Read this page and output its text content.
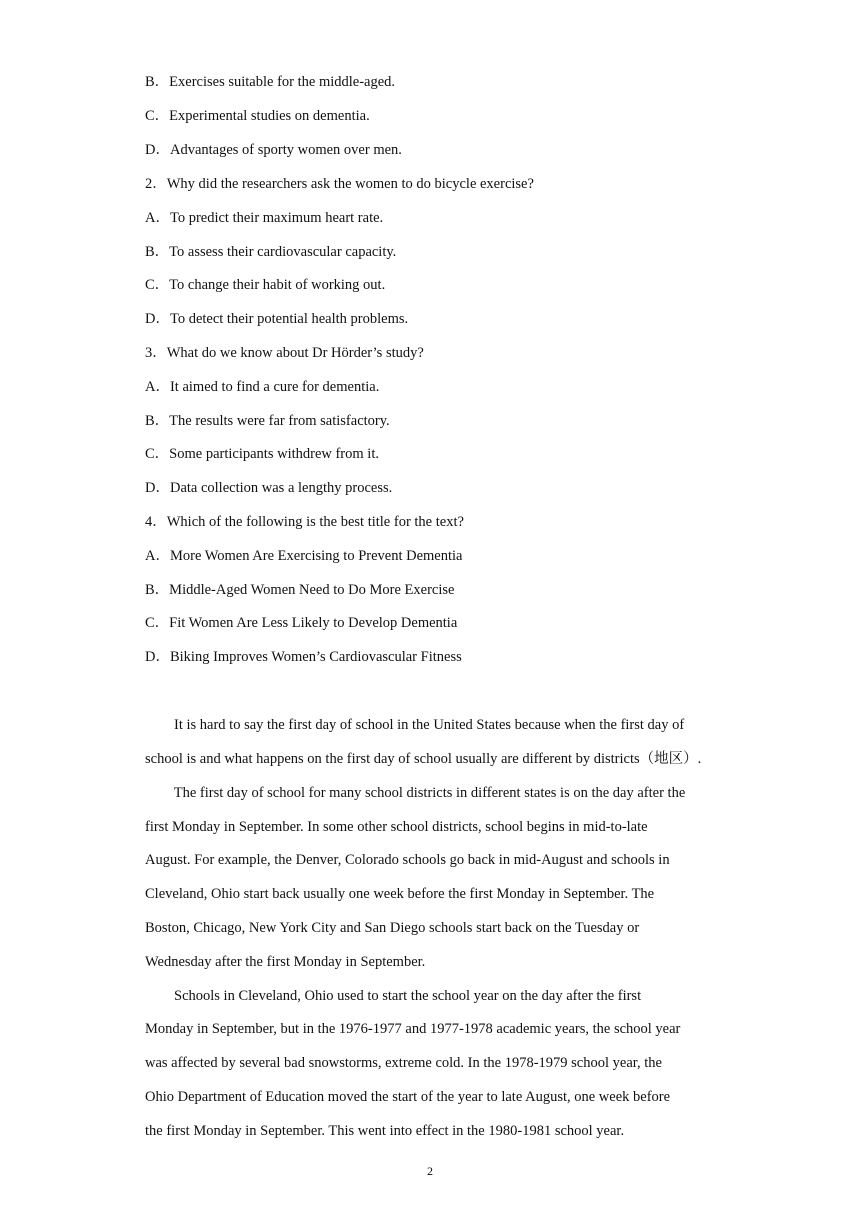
B．Exercises suitable for the middle-aged.
C．Experimental studies on dementia.
D．Advantages of sporty women over men.
2．Why did the researchers ask the women to do bicycle exercise?
A．To predict their maximum heart rate.
B．To assess their cardiovascular capacity.
C．To change their habit of working out.
D．To detect their potential health problems.
3．What do we know about Dr Hörder’s study?
A．It aimed to find a cure for dementia.
B．The results were far from satisfactory.
C．Some participants withdrew from it.
D．Data collection was a lengthy process.
4．Which of the following is the best title for the text?
A．More Women Are Exercising to Prevent Dementia
B．Middle-Aged Women Need to Do More Exercise
C．Fit Women Are Less Likely to Develop Dementia
D．Biking Improves Women’s Cardiovascular Fitness
It is hard to say the first day of school in the United States because when the first day of
school is and what happens on the first day of school usually are different by districts（地区）.
The first day of school for many school districts in different states is on the day after the
first Monday in September. In some other school districts, school begins in mid-to-late
August. For example, the Denver, Colorado schools go back in mid-August and schools in
Cleveland, Ohio start back usually one week before the first Monday in September. The
Boston, Chicago, New York City and San Diego schools start back on the Tuesday or
Wednesday after the first Monday in September.
Schools in Cleveland, Ohio used to start the school year on the day after the first
Monday in September, but in the 1976-1977 and 1977-1978 academic years, the school year
was affected by several bad snowstorms, extreme cold. In the 1978-1979 school year, the
Ohio Department of Education moved the start of the year to late August, one week before
the first Monday in September. This went into effect in the 1980-1981 school year.
2
